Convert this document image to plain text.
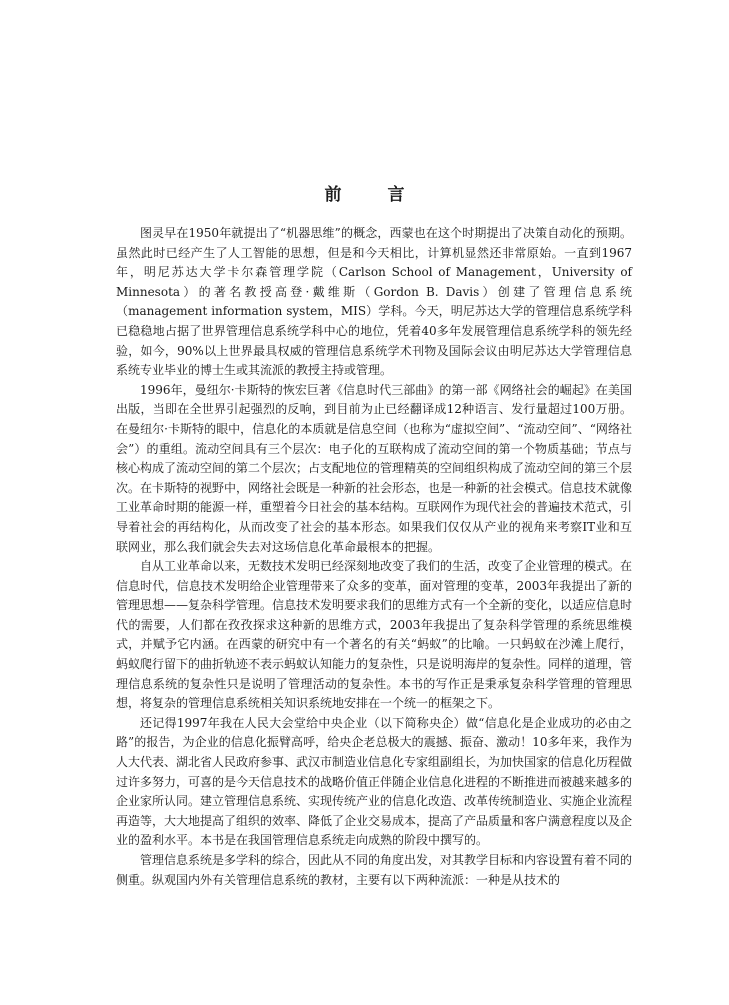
前	言

图灵早在1950年就提出了“机器思维”的概念，西蒙也在这个时期提出了决策自动化的预期。虽然此时已经产生了人工智能的思想，但是和今天相比，计算机显然还非常原始。一直到1967年，明尼苏达大学卡尔森管理学院（Carlson School of Management，University of Minnesota）的著名教授高登·戴维斯（Gordon B. Davis）创建了管理信息系统（management information system，MIS）学科。今天，明尼苏达大学的管理信息系统学科已稳稳地占据了世界管理信息系统学科中心的地位，凭着40多年发展管理信息系统学科的领先经验，如今，90%以上世界最具权威的管理信息系统学术刊物及国际会议由明尼苏达大学管理信息系统专业毕业的博士生或其流派的教授主持或管理。

1996年，曼纽尔·卡斯特的恢宏巨著《信息时代三部曲》的第一部《网络社会的崛起》在美国出版，当即在全世界引起强烈的反响，到目前为止已经翻译成12种语言、发行量超过100万册。在曼纽尔·卡斯特的眼中，信息化的本质就是信息空间（也称为“虚拟空间”、“流动空间”、“网络社会”）的重组。流动空间具有三个层次：电子化的互联构成了流动空间的第一个物质基础；节点与核心构成了流动空间的第二个层次；占支配地位的管理精英的空间组织构成了流动空间的第三个层次。在卡斯特的视野中，网络社会既是一种新的社会形态，也是一种新的社会模式。信息技术就像工业革命时期的能源一样，重塑着今日社会的基本结构。互联网作为现代社会的普遍技术范式，引导着社会的再结构化，从而改变了社会的基本形态。如果我们仅仅从产业的视角来考察IT业和互联网业，那么我们就会失去对这场信息化革命最根本的把握。

自从工业革命以来，无数技术发明已经深刻地改变了我们的生活，改变了企业管理的模式。在信息时代，信息技术发明给企业管理带来了众多的变革，面对管理的变革，2003年我提出了新的管理思想——复杂科学管理。信息技术发明要求我们的思维方式有一个全新的变化，以适应信息时代的需要，人们都在孜孜探求这种新的思维方式，2003年我提出了复杂科学管理的系统思维模式，并赋予它内涵。在西蒙的研究中有一个著名的有关“蚂蚁”的比喻。一只蚂蚁在沙滩上爬行，蚂蚁爬行留下的曲折轨迹不表示蚂蚁认知能力的复杂性，只是说明海岸的复杂性。同样的道理，管理信息系统的复杂性只是说明了管理活动的复杂性。本书的写作正是秉承复杂科学管理的管理思想，将复杂的管理信息系统相关知识系统地安排在一个统一的框架之下。

还记得1997年我在人民大会堂给中央企业（以下简称央企）做“信息化是企业成功的必由之路”的报告，为企业的信息化振臂高呼，给央企老总极大的震撼、振奋、激动！10多年来，我作为人大代表、湖北省人民政府参事、武汉市制造业信息化专家组副组长，为加快国家的信息化历程做过许多努力，可喜的是今天信息技术的战略价值正伴随企业信息化进程的不断推进而被越来越多的企业家所认同。建立管理信息系统、实现传统产业的信息化改造、改革传统制造业、实施企业流程再造等，大大地提高了组织的效率、降低了企业交易成本，提高了产品质量和客户满意程度以及企业的盈利水平。本书是在我国管理信息系统走向成熟的阶段中撰写的。

管理信息系统是多学科的综合，因此从不同的角度出发，对其教学目标和内容设置有着不同的侧重。纵观国内外有关管理信息系统的教材，主要有以下两种流派：一种是从技术的
